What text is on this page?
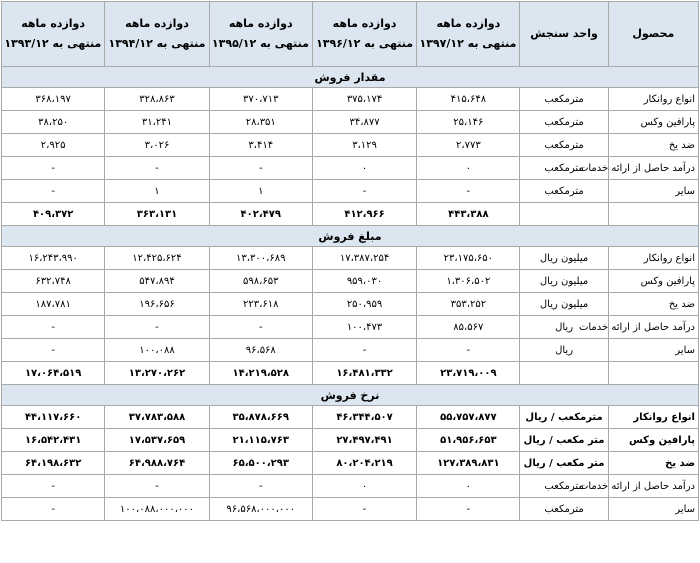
محصول	واحد سنجش	دوازده ماهه
منتهی به ۱۳۹۷/۱۲	دوازده ماهه
منتهی به ۱۳۹۶/۱۲	دوازده ماهه
منتهی به ۱۳۹۵/۱۲	دوازده ماهه
منتهی به ۱۳۹۴/۱۲	دوازده ماهه
منتهی به ۱۳۹۳/۱۲
مقدار فروش						
انواع روانکار	مترمکعب	۴۱۵،۶۴۸	۳۷۵،۱۷۴	۳۷۰،۷۱۳	۳۲۸،۸۶۳	۳۶۸،۱۹۷
پارافین وکس	مترمکعب	۲۵،۱۴۶	۳۴،۸۷۷	۲۸،۳۵۱	۳۱،۲۴۱	۳۸،۲۵۰
ضد یخ	مترمکعب	۲،۷۷۳	۳،۱۲۹	۳،۴۱۴	۳،۰۲۶	۲،۹۲۵
درآمد حاصل از ارائه خدمات	مترمکعب	۰	۰	-	-	-
سایر	مترمکعب	-	-	۱	۱	-
		۴۴۳،۳۸۸	۴۱۲،۹۶۶	۴۰۲،۴۷۹	۳۶۳،۱۳۱	۴۰۹،۳۷۲
مبلغ فروش						
انواع روانکار	میلیون ریال	۲۳،۱۷۵،۶۵۰	۱۷،۳۸۷،۲۵۴	۱۳،۳۰۰،۶۸۹	۱۲،۴۲۵،۶۲۴	۱۶،۲۴۳،۹۹۰
پارافین وکس	میلیون ریال	۱،۳۰۶،۵۰۲	۹۵۹،۰۳۰	۵۹۸،۶۵۳	۵۴۷،۸۹۴	۶۳۲،۷۴۸
ضد یخ	میلیون ریال	۳۵۳،۲۵۲	۲۵۰،۹۵۹	۲۲۳،۶۱۸	۱۹۶،۶۵۶	۱۸۷،۷۸۱
درآمد حاصل از ارائه خدمات	ریال	۸۵،۵۶۷	۱۰۰،۴۷۳	-	-	-
سایر	ریال	-	-	۹۶،۵۶۸	۱۰۰،۰۸۸	-
		۲۳،۷۱۹،۰۰۹	۱۶،۴۸۱،۳۳۲	۱۴،۲۱۹،۵۲۸	۱۳،۲۷۰،۲۶۲	۱۷،۰۶۴،۵۱۹
نرخ فروش						
انواع روانکار	مترمکعب / ریال	۵۵،۷۵۷،۸۷۷	۴۶،۳۴۴،۵۰۷	۳۵،۸۷۸،۶۶۹	۳۷،۷۸۳،۵۸۸	۴۴،۱۱۷،۶۶۰
پارافین وکس	متر مکعب / ریال	۵۱،۹۵۶،۶۵۳	۲۷،۴۹۷،۴۹۱	۲۱،۱۱۵،۷۶۳	۱۷،۵۳۷،۶۵۹	۱۶،۵۴۲،۴۳۱
ضد یخ	متر مکعب / ریال	۱۲۷،۳۸۹،۸۳۱	۸۰،۲۰۴،۲۱۹	۶۵،۵۰۰،۲۹۳	۶۴،۹۸۸،۷۶۴	۶۴،۱۹۸،۶۳۲
درآمد حاصل از ارائه خدمات	مترمکعب	۰	۰	-	-	-
سایر	مترمکعب	-	-	۹۶،۵۶۸،۰۰۰،۰۰۰	۱۰۰،۰۸۸،۰۰۰،۰۰۰	-
